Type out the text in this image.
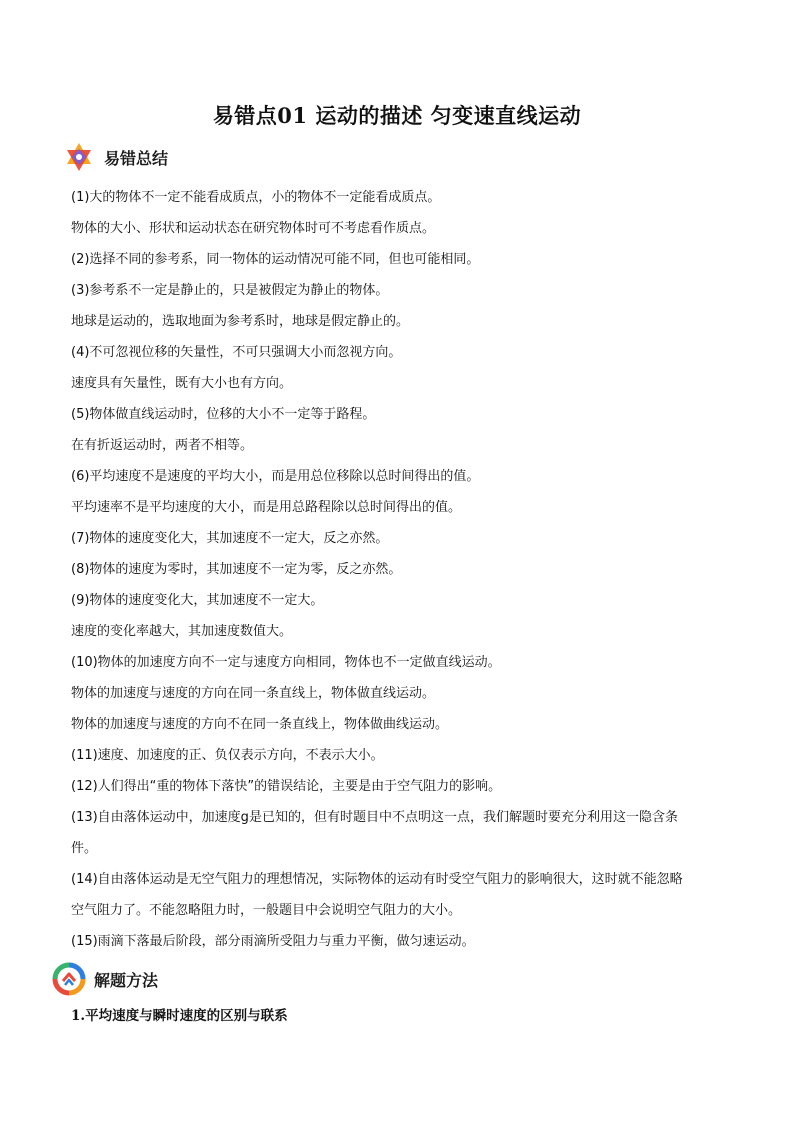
易错点01 运动的描述 匀变速直线运动
易错总结
(1)大的物体不一定不能看成质点，小的物体不一定能看成质点。
物体的大小、形状和运动状态在研究物体时可不考虑看作质点。
(2)选择不同的参考系，同一物体的运动情况可能不同，但也可能相同。
(3)参考系不一定是静止的，只是被假定为静止的物体。
地球是运动的，选取地面为参考系时，地球是假定静止的。
(4)不可忽视位移的矢量性，不可只强调大小而忽视方向。
速度具有矢量性，既有大小也有方向。
(5)物体做直线运动时，位移的大小不一定等于路程。
在有折返运动时，两者不相等。
(6)平均速度不是速度的平均大小，而是用总位移除以总时间得出的值。
平均速率不是平均速度的大小，而是用总路程除以总时间得出的值。
(7)物体的速度变化大，其加速度不一定大，反之亦然。
(8)物体的速度为零时，其加速度不一定为零，反之亦然。
(9)物体的速度变化大，其加速度不一定大。
速度的变化率越大，其加速度数值大。
(10)物体的加速度方向不一定与速度方向相同，物体也不一定做直线运动。
物体的加速度与速度的方向在同一条直线上，物体做直线运动。
物体的加速度与速度的方向不在同一条直线上，物体做曲线运动。
(11)速度、加速度的正、负仅表示方向，不表示大小。
(12)人们得出“重的物体下落快”的错误结论，主要是由于空气阻力的影响。
(13)自由落体运动中，加速度g是已知的，但有时题目中不点明这一点，我们解题时要充分利用这一隐含条
件。
(14)自由落体运动是无空气阻力的理想情况，实际物体的运动有时受空气阻力的影响很大，这时就不能忽略
空气阻力了。不能忽略阻力时，一般题目中会说明空气阻力的大小。
(15)雨滴下落最后阶段，部分雨滴所受阻力与重力平衡，做匀速运动。
解题方法
1.平均速度与瞬时速度的区别与联系
